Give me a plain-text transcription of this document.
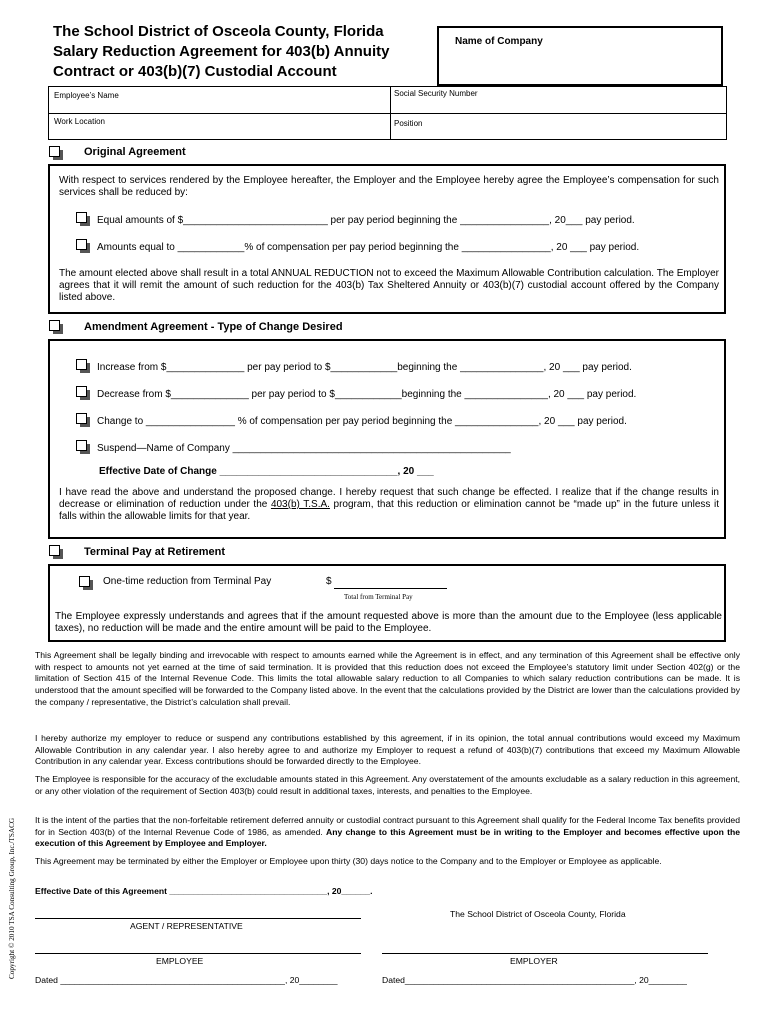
The School District of Osceola County, Florida
Salary Reduction Agreement for 403(b) Annuity
Contract or 403(b)(7) Custodial Account
Name of Company
Employee’s Name	Social Security Number
Work Location	Position
Original Agreement
With respect to services rendered by the Employee hereafter, the Employer and the Employee hereby agree the Employee’s compensation for such services shall be reduced by:
Equal amounts of $__________________________ per pay period beginning the ________________, 20___ pay period.
Amounts equal to ____________% of compensation per pay period beginning the ________________, 20 ___ pay period.
The amount elected above shall result in a total ANNUAL REDUCTION not to exceed the Maximum Allowable Contribution calculation. The Employer agrees that it will remit the amount of such reduction for the 403(b) Tax Sheltered Annuity or 403(b)(7) custodial account offered by the Company listed above.
Amendment Agreement - Type of Change Desired
Increase from $______________ per pay period to $____________beginning the _______________, 20 ___ pay period.
Decrease from $______________ per pay period to $____________beginning the _______________, 20 ___ pay period.
Change to ________________ % of compensation per pay period beginning the _______________, 20 ___ pay period.
Suspend—Name of Company __________________________________________________
Effective Date of Change ________________________________, 20 ___
I have read the above and understand the proposed change. I hereby request that such change be effected. I realize that if the change results in decrease or elimination of reduction under the 403(b) T.S.A. program, that this reduction or elimination cannot be “made up” in the future unless it falls within the allowable limits for that year.
Terminal Pay at Retirement
One-time reduction from Terminal Pay	$
Total from Terminal Pay
The Employee expressly understands and agrees that if the amount requested above is more than the amount due to the Employee (less applicable taxes), no reduction will be made and the entire amount will be paid to the Employee.
This Agreement shall be legally binding and irrevocable with respect to amounts earned while the Agreement is in effect, and any termination of this Agreement shall be effective only with respect to amounts not yet earned at the time of said termination. It is provided that this reduction does not exceed the Employee’s statutory limit under Section 402(g) or the limitation of Section 415 of the Internal Revenue Code. This limits the total allowable salary reduction to all Companies to which salary reduction contributions can be made. It is understood that the amount specified will be forwarded to the Company listed above. In the event that the calculations provided by the District are lower than the calculations provided by the company / representative, the District’s calculation shall prevail.
I hereby authorize my employer to reduce or suspend any contributions established by this agreement, if in its opinion, the total annual contributions would exceed my Maximum Allowable Contribution in any calendar year. I also hereby agree to and authorize my Employer to request a refund of 403(b)(7) contributions that exceed my Maximum Allowable Contribution in any calendar year. Excess contributions should be forwarded directly to the Employee.
The Employee is responsible for the accuracy of the excludable amounts stated in this Agreement. Any overstatement of the amounts excludable as a salary reduction in this agreement, or any other violation of the requirement of Section 403(b) could result in additional taxes, interests, and penalties to the Employee.
It is the intent of the parties that the non-forfeitable retirement deferred annuity or custodial contract pursuant to this Agreement shall qualify for the Federal Income Tax benefits provided for in Section 403(b) of the Internal Revenue Code of 1986, as amended. Any change to this Agreement must be in writing to the Employer and becomes effective upon the execution of this Agreement by Employee and Employer.
This Agreement may be terminated by either the Employer or Employee upon thirty (30) days notice to the Company and to the Employer or Employee as applicable.
Effective Date of this Agreement _________________________________, 20______.
AGENT / REPRESENTATIVE
The School District of Osceola County, Florida
EMPLOYEE	EMPLOYER
Dated _______________________________________________, 20________	Dated________________________________________________, 20________
Copyright © 2010 TSA Consulting Group, Inc./TSACG
